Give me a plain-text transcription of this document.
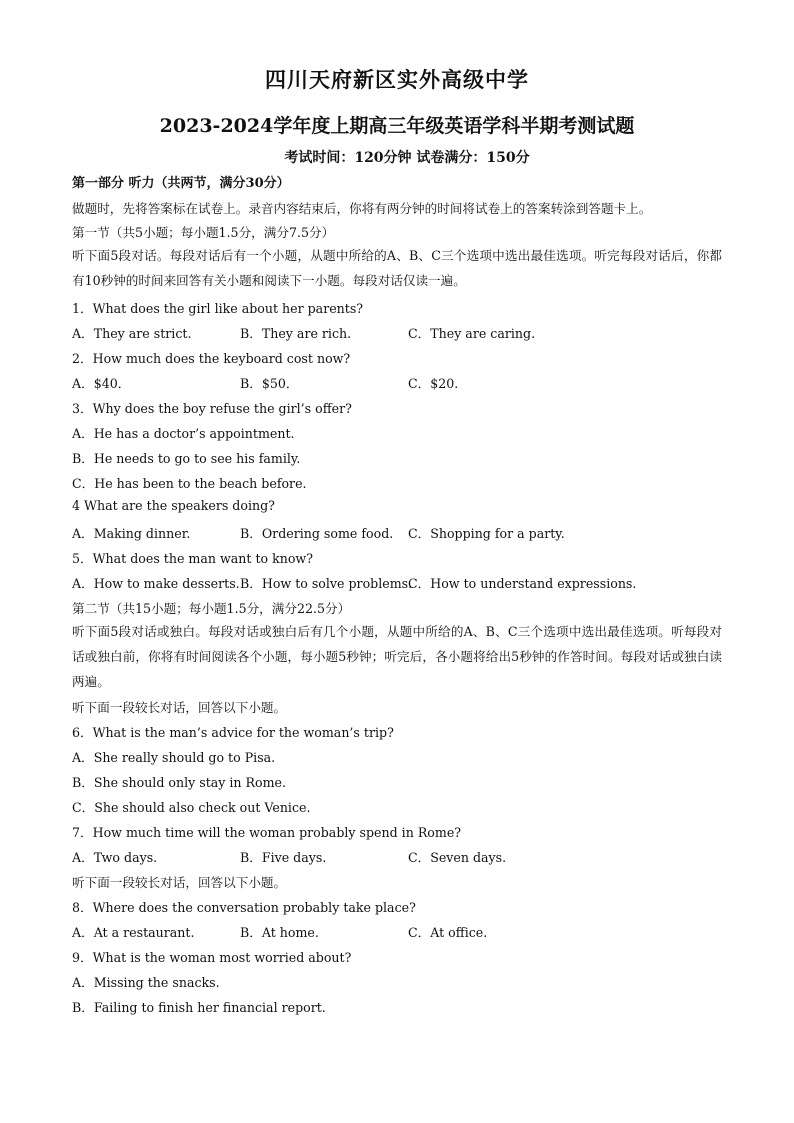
四川天府新区实外高级中学
2023-2024学年度上期高三年级英语学科半期考测试题
考试时间：120分钟 试卷满分：150分
第一部分 听力（共两节，满分30分）
做题时，先将答案标在试卷上。录音内容结束后，你将有两分钟的时间将试卷上的答案转涂到答题卡上。
第一节（共5小题；每小题1.5分，满分7.5分）
听下面5段对话。每段对话后有一个小题，从题中所给的A、B、C三个选项中选出最佳选项。听完每段对话后，你都有10秒钟的时间来回答有关小题和阅读下一小题。每段对话仅读一遍。
1．What does the girl like about her parents?
A．They are strict.	B．They are rich.	C．They are caring.
2．How much does the keyboard cost now?
A．$40．	B．$50．	C．$20.
3．Why does the boy refuse the girl’s offer?
A．He has a doctor’s appointment.
B．He needs to go to see his family.
C．He has been to the beach before.
4 What are the speakers doing?
A．Making dinner.	B．Ordering some food. C．Shopping for a party.
5．What does the man want to know?
A．How to make desserts. B．How to solve problems.
C．How to understand expressions.
第二节（共15小题；每小题1.5分，满分22.5分）
听下面5段对话或独白。每段对话或独白后有几个小题，从题中所给的A、B、C三个选项中选出最佳选项。听每段对话或独白前，你将有时间阅读各个小题，每小题5秒钟；听完后，各小题将给出5秒钟的作答时间。每段对话或独白读两遍。
听下面一段较长对话，回答以下小题。
6．What is the man’s advice for the woman’s trip?
A．She really should go to Pisa.
B．She should only stay in Rome.
C．She should also check out Venice.
7．How much time will the woman probably spend in Rome?
A．Two days.	B．Five days.	C．Seven days.
听下面一段较长对话，回答以下小题。
8．Where does the conversation probably take place?
A．At a restaurant.	B．At home.	C．At office.
9．What is the woman most worried about?
A．Missing the snacks.
B．Failing to finish her financial report.
